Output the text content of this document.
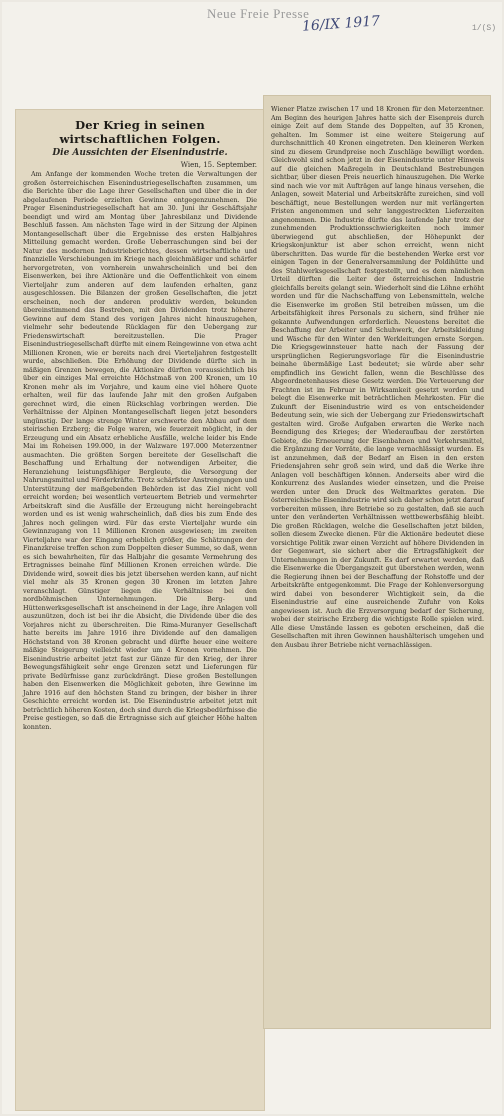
Neue Freie Presse
16/IX 1917	1/(S)
Der Krieg in seinen wirtschaftlichen Folgen.
Die Aussichten der Eisenindustrie.
Wien, 15. September.

Am Anfange der kommenden Woche treten die Verwaltungen der großen österreichischen Eisenindustriegesellschaften zusammen, um die Berichte über die Lage ihrer Gesellschaften und über die in der abgelaufenen Periode erzielten Gewinne entgegenzunehmen. Die Prager Eisenindustriegesellschaft hat am 30. Juni ihr Geschäftsjahr beendigt und wird am Montag über Jahresbilanz und Dividende Beschluß fassen. Am nächsten Tage wird in der Sitzung der Alpinen Montangesellschaft über die Ergebnisse des ersten Halbjahres Mitteilung gemacht werden. Große Ueberraschungen sind bei der Natur des modernen Industrieberichtes, dessen wirtschaftliche und finanzielle Verschiebungen im Kriege nach gleichmäßiger und schärfer hervorgetreten, von vornherein unwahrscheinlich und bei den Eisenwerken, bei ihre Aktionäre und die Oeffentlichkeit von einem Vierteljahr zum anderen auf dem laufenden erhalten, ganz ausgeschlossen. Die Bilanzen der großen Gesellschaften, die jetzt erscheinen, noch der anderen produktiv werden, bekunden übereinstimmend das Bestreben, mit den Dividenden trotz höherer Gewinne auf dem Stand des vorigen Jahres nicht hinauszugehen, vielmehr sehr bedeutende Rücklagen für den Uebergang zur Friedenswirtschaft bereitzustellen. Die Prager Eisenindustriegesellschaft dürfte mit einem Reingewinne von etwa acht Millionen Kronen, wie er bereits nach drei Vierteljahren festgestellt wurde, abschließen. Die Erhöhung der Dividende dürfte sich in mäßigen Grenzen bewegen, die Aktionäre dürften voraussichtlich bis über ein einziges Mal erreichte Höchstmaß von 200 Kronen, um 10 Kronen mehr als im Vorjahre, und kaum eine viel höhere Quote erhalten, weil für das laufende Jahr mit den großen Aufgaben gerechnet wird, die einen Rückschlag vorbringen werden. Die Verhältnisse der Alpinen Montangesellschaft liegen jetzt besonders ungünstig. Der lange strenge Winter erschwerte den Abbau auf dem steirischen Erzberg; die Folge waren, wie feuerzeit möglicht, in der Erzeugung und ein Absatz erhebliche Ausfälle, welche leider bis Ende Mai im Roheisen 199.000, in der Walzware 197.000 Meterzentner ausmachten. Die größten Sorgen bereitete der Gesellschaft die Beschaffung und Erhaltung der notwendigen Arbeiter, die Heranziehung leistungsfähiger Bergleute, die Versorgung der Nahrungsmittel und Förderkräfte. Trotz schärfster Anstrengungen und Unterstützung der maßgebenden Behörden ist das Ziel nicht voll erreicht worden; bei wesentlich verteuertem Betrieb und vermehrter Arbeitskraft sind die Ausfälle der Erzeugung nicht hereingebracht worden und es ist wenig wahrscheinlich, daß dies bis zum Ende des Jahres noch gelingen wird. Für das erste Vierteljahr wurde ein Gewinnzugang von 11 Millionen Kronen ausgewiesen; im zweiten Vierteljahre war der Eingang erheblich größer, die Schätzungen der Finanzkreise treffen schon zum Doppelten dieser Summe, so daß, wenn es sich bewahrheiten, für das Halbjahr die gesamte Vermehrung des Ertragnisses beinahe fünf Millionen Kronen erreichen würde. Die Dividende wird, soweit dies bis jetzt übersehen werden kann, auf nicht viel mehr als 35 Kronen gegen 30 Kronen im letzten Jahre veranschlagt. Günstiger liegen die Verhältnisse bei den nordböhmischen Unternehmungen. Die Berg- und Hüttenwerksgesellschaft ist anscheinend in der Lage, ihre Anlagen voll auszunützen, doch ist bei ihr die Absicht, die Dividende über die des Vorjahres nicht zu überschreiten. Die Rima-Muranyer Gesellschaft hatte bereits im Jahre 1916 ihre Dividende auf den damaligen Höchststand von 38 Kronen gebracht und dürfte heuer eine weitere mäßige Steigerung vielleicht wieder um 4 Kronen vornehmen. Die Eisenindustrie arbeitet jetzt fast zur Gänze für den Krieg, der ihrer Bewegungsfähigkeit sehr enge Grenzen setzt und Lieferungen für private Bedürfnisse ganz zurückdrängt. Diese großen Bestellungen haben den Eisenwerken die Möglichkeit geboten, ihre Gewinne im Jahre 1916 auf den höchsten Stand zu bringen, der bisher in ihrer Geschichte erreicht worden ist. Die Eisenindustrie arbeitet jetzt mit beträchtlich höheren Kosten, doch sind durch die Kriegsbedürfnisse die Preise gestiegen, so daß die Ertragnisse sich auf gleicher Höhe halten konnten.

Wiener Platze zwischen 17 und 18 Kronen für den Meterzentner. Am Beginn des heurigen Jahres hatte sich der Eisenpreis durch einige Zeit auf dem Stande des Doppelten, auf 35 Kronen, gehalten. Im Sommer ist eine weitere Steigerung auf durchschnittlich 40 Kronen eingetreten. Den kleineren Werken sind zu diesem Grundpreise noch Zuschläge bewilligt worden. Gleichwohl sind schon jetzt in der Eisenindustrie unter Hinweis auf die gleichen Maßregeln in Deutschland Bestrebungen sichtbar, über diesen Preis neuerlich hinauszugehen. Die Werke sind nach wie vor mit Aufträgen auf lange hinaus versehen, die Anlagen, soweit Material und Arbeitskräfte zureichen, sind voll beschäftigt, neue Bestellungen werden nur mit verlängerten Fristen angenommen und sehr langgestreckten Lieferzeiten angenommen. Die Industrie dürfte das laufende Jahr trotz der zunehmenden Produktionsschwierigkeiten noch immer überwiegend gut abschließen, der Höhepunkt der Kriegskonjunktur ist aber schon erreicht, wenn nicht überschritten. Das wurde für die bestehenden Werke erst vor einigen Tagen in der Generalversammlung der Poldihütte und des Stahlwerksgesellschaft festgestellt, und es dem nämlichen Urteil dürften die Leiter der österreichischen Industrie gleichfalls bereits gelangt sein. Wiederholt sind die Löhne erhöht worden und für die Nachschaffung von Lebensmitteln, welche die Eisenwerke im großen Stil betreiben müssen, um die Arbeitsfähigkeit ihres Personals zu sichern, sind früher nie gekannte Aufwendungen erforderlich. Neuestens bereitet die Beschaffung der Arbeiter und Schuhwerk, der Arbeitskleidung und Wäsche für den Winter den Werkleitungen ernste Sorgen. Die Kriegsgewinnsteuer hatte nach der Fassung der ursprünglichen Regierungsvorlage für die Eisenindustrie beinahe übermäßige Last bedeutet; sie würde aber sehr empfindlich ins Gewicht fallen, wenn die Beschlüsse des Abgeordnetenhauses diese Gesetz werden. Die Verteuerung der Frachten ist im Februar in Wirksamkeit gesetzt worden und belegt die Eisenwerke mit beträchtlichen Mehrkosten. Für die Zukunft der Eisenindustrie wird es von entscheidender Bedeutung sein, wie sich der Uebergang zur Friedenswirtschaft gestalten wird. Große Aufgaben erwarten die Werke nach Beendigung des Krieges; der Wiederaufbau der zerstörten Gebiete, die Erneuerung der Eisenbahnen und Verkehrsmittel, die Ergänzung der Vorräte, die lange vernachlässigt wurden. Es ist anzunehmen, daß der Bedarf an Eisen in den ersten Friedensjahren sehr groß sein wird, und daß die Werke ihre Anlagen voll beschäftigen können. Anderseits aber wird die Konkurrenz des Auslandes wieder einsetzen, und die Preise werden unter den Druck des Weltmarktes geraten. Die österreichische Eisenindustrie wird sich daher schon jetzt darauf vorbereiten müssen, ihre Betriebe so zu gestalten, daß sie auch unter den veränderten Verhältnissen wettbewerbsfähig bleibt. Die großen Rücklagen, welche die Gesellschaften jetzt bilden, sollen diesem Zwecke dienen. Für die Aktionäre bedeutet diese vorsichtige Politik zwar einen Verzicht auf höhere Dividenden in der Gegenwart, sie sichert aber die Ertragsfähigkeit der Unternehmungen in der Zukunft. Es darf erwartet werden, daß die Eisenwerke die Übergangszeit gut überstehen werden, wenn die Regierung ihnen bei der Beschaffung der Rohstoffe und der Arbeitskräfte entgegenkommt. Die Frage der Kohlenversorgung wird dabei von besonderer Wichtigkeit sein, da die Eisenindustrie auf eine ausreichende Zufuhr von Koks angewiesen ist. Auch die Erzversorgung bedarf der Sicherung, wobei der steirische Erzberg die wichtigste Rolle spielen wird. Alle diese Umstände lassen es geboten erscheinen, daß die Gesellschaften mit ihren Gewinnen haushälterisch umgehen und den Ausbau ihrer Betriebe nicht vernachlässigen.
